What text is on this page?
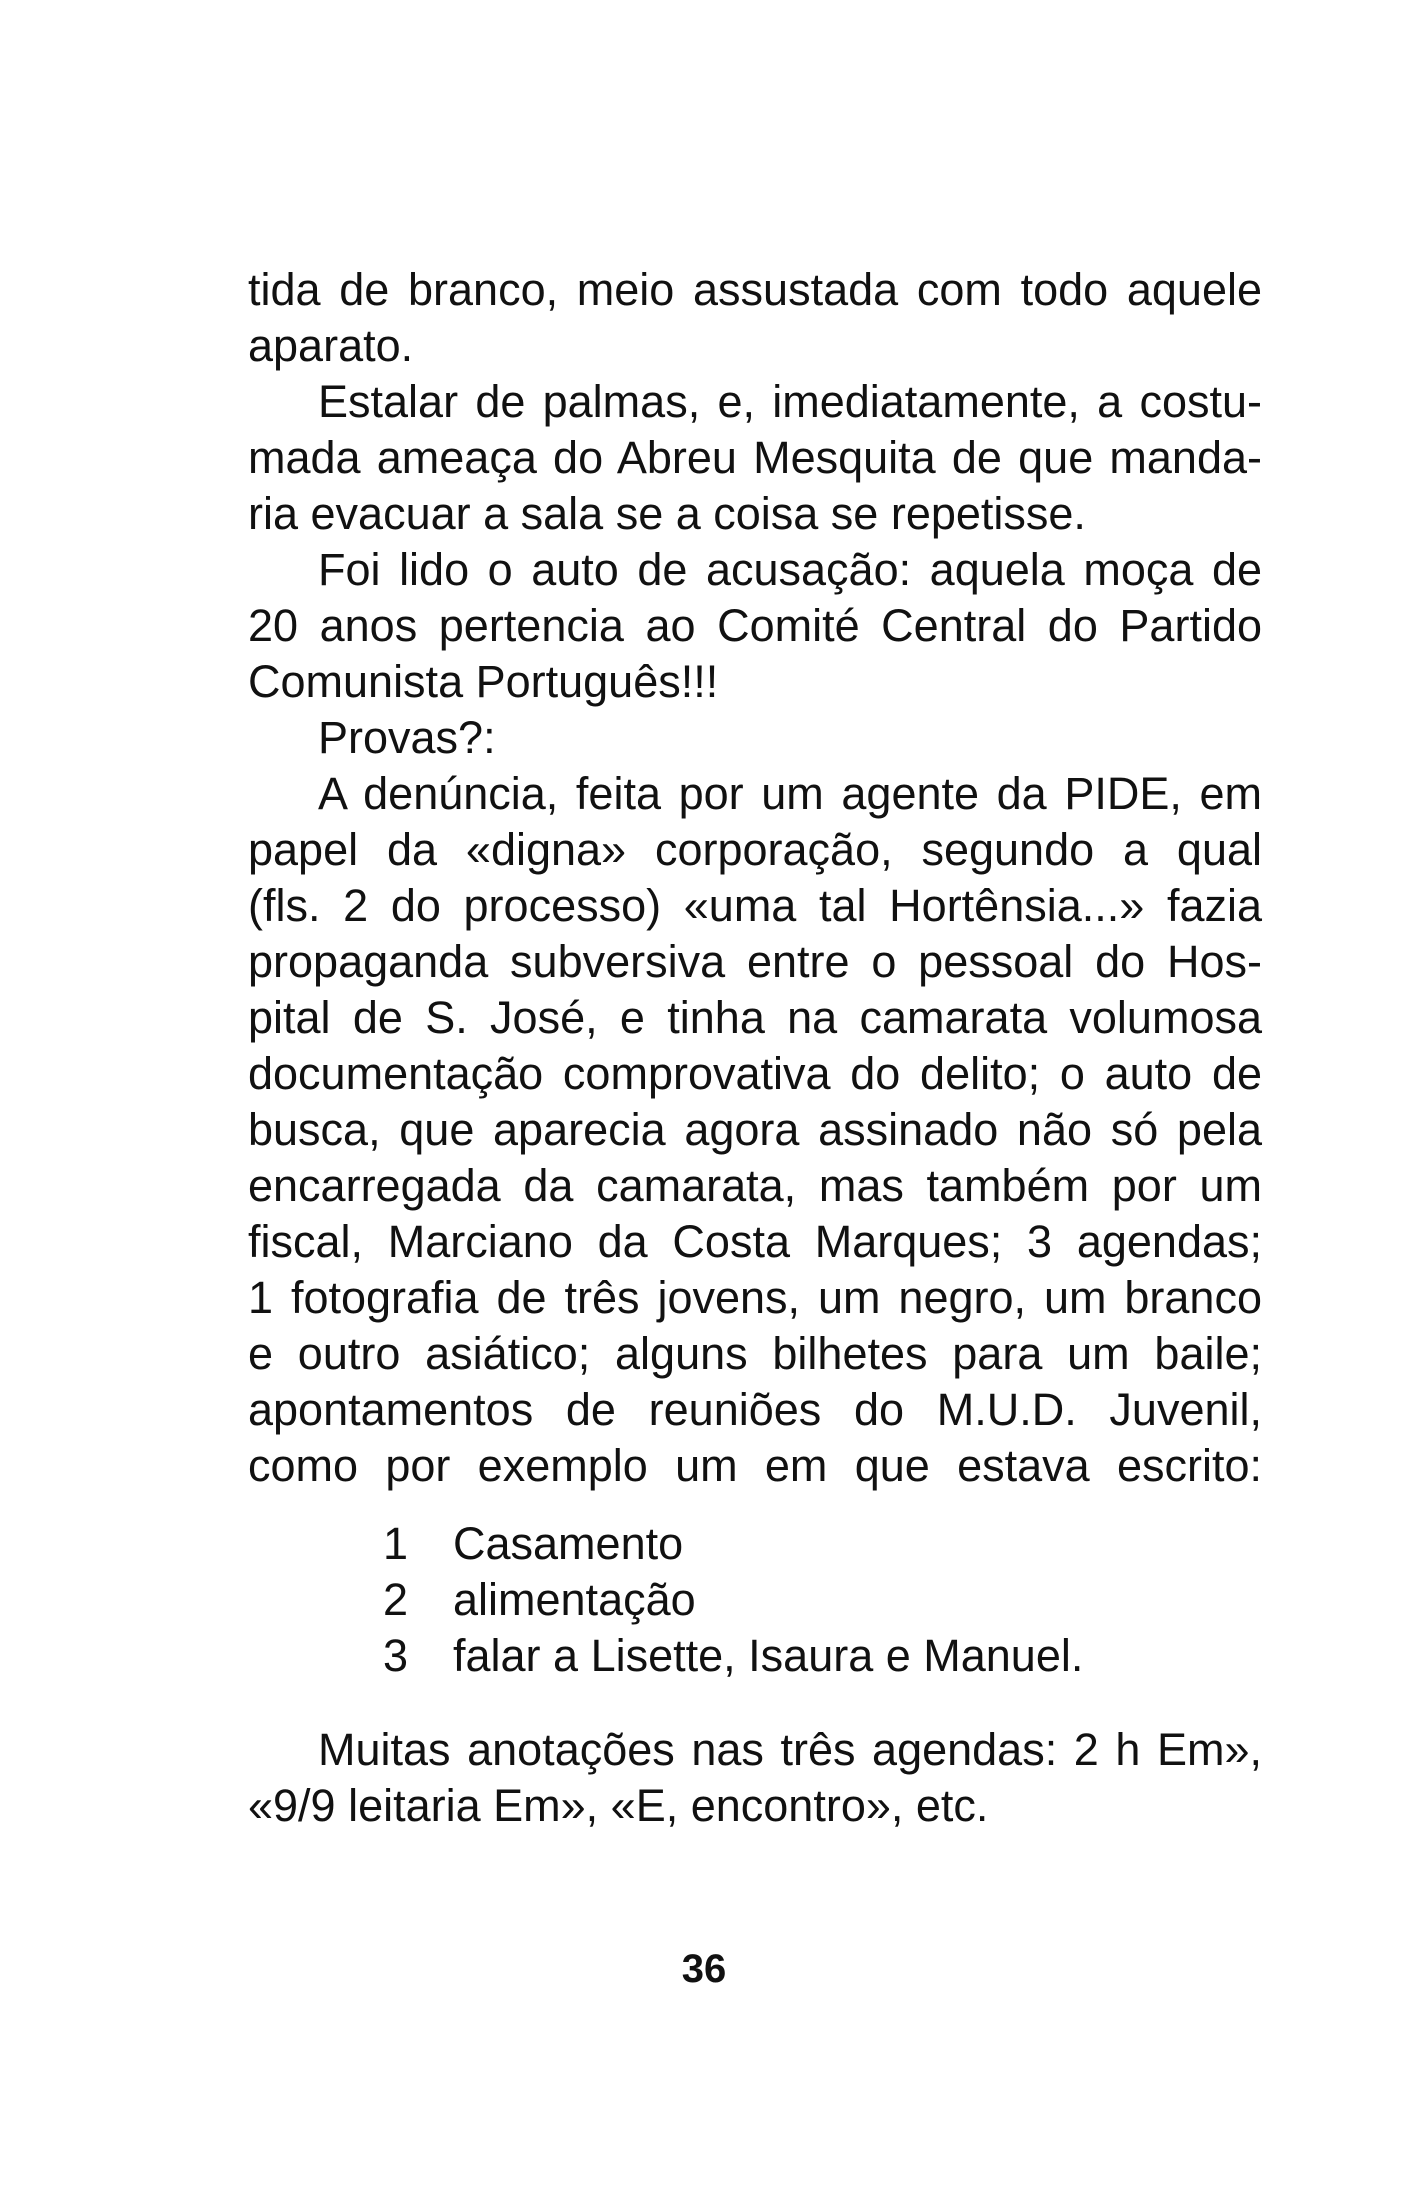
tida de branco, meio assustada com todo aquele
aparato.
Estalar de palmas, e, imediatamente, a costu-
mada ameaça do Abreu Mesquita de que manda-
ria evacuar a sala se a coisa se repetisse.
Foi lido o auto de acusação: aquela moça de
20 anos pertencia ao Comité Central do Partido
Comunista Português!!!
Provas?:
A denúncia, feita por um agente da PIDE, em
papel da «digna» corporação, segundo a qual
(fls. 2 do processo) «uma tal Hortênsia...» fazia
propaganda subversiva entre o pessoal do Hos-
pital de S. José, e tinha na camarata volumosa
documentação comprovativa do delito; o auto de
busca, que aparecia agora assinado não só pela
encarregada da camarata, mas também por um
fiscal, Marciano da Costa Marques; 3 agendas;
1 fotografia de três jovens, um negro, um branco
e outro asiático; alguns bilhetes para um baile;
apontamentos de reuniões do M.U.D. Juvenil,
como por exemplo um em que estava escrito:
1 Casamento
2 alimentação
3 falar a Lisette, Isaura e Manuel.
Muitas anotações nas três agendas: 2 h Em»,
«9/9 leitaria Em», «E, encontro», etc.
36
